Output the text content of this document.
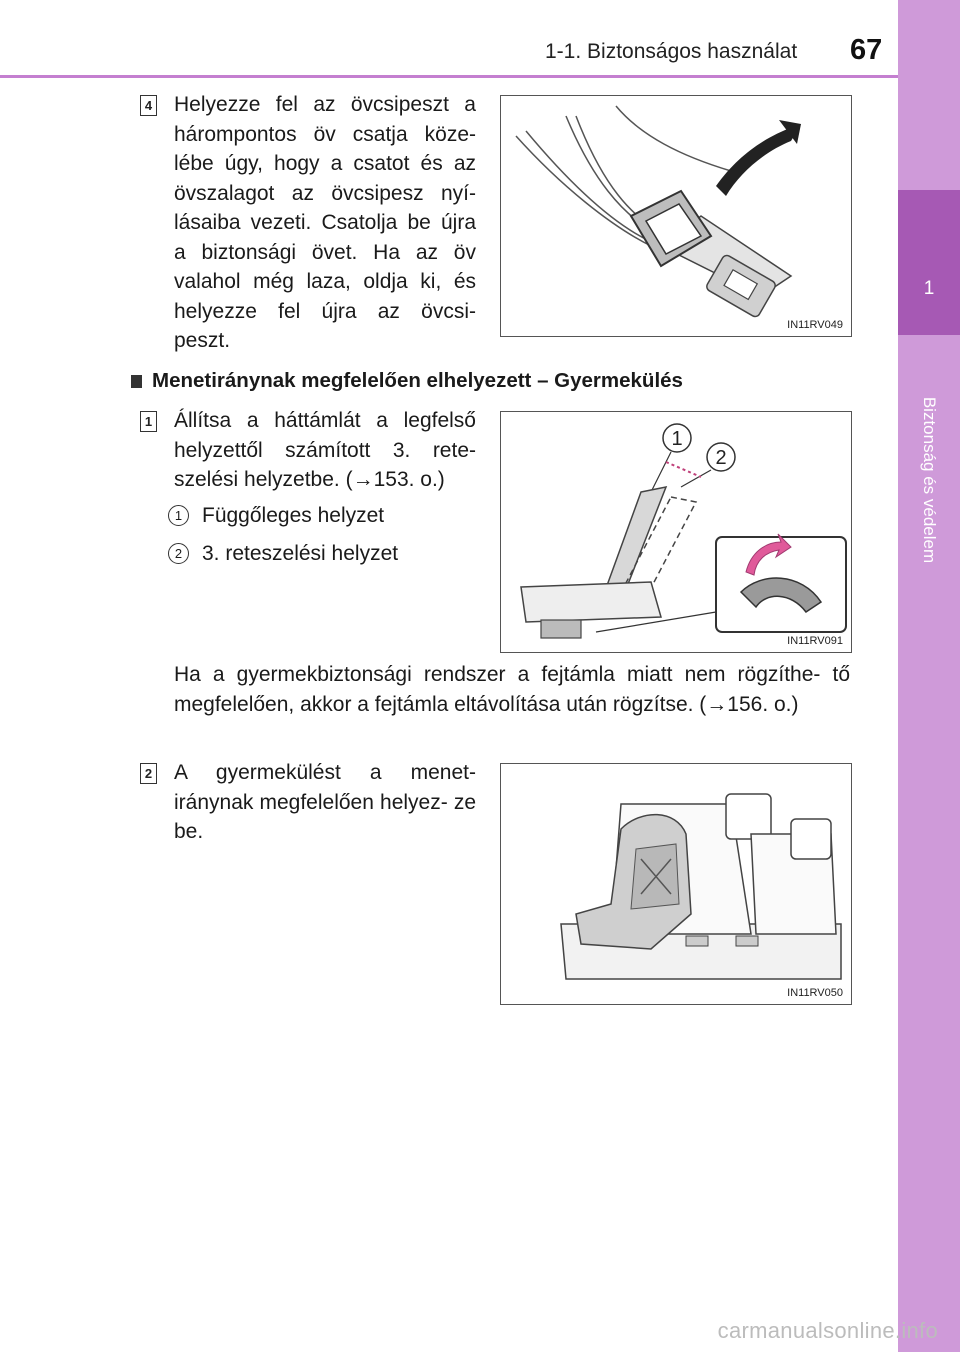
1-1. Biztonságos használat 67
1
Biztonság és védelem
4 Helyezze fel az övcsipeszt a hárompontos öv csatja köze- lébe úgy, hogy a csatot és az övszalagot az övcsipesz nyí- lásaiba vezeti. Csatolja be újra a biztonsági övet. Ha az öv valahol még laza, oldja ki, és helyezze fel újra az övcsi- peszt.
IN11RV049
Menetiránynak megfelelően elhelyezett – Gyermekülés
1 Állítsa a háttámlát a legfelső helyzettől számított 3. rete- szelési helyzetbe. (→153. o.)
1 Függőleges helyzet
2 3. reteszelési helyzet
1
2
IN11RV091
Ha a gyermekbiztonsági rendszer a fejtámla miatt nem rögzíthe- tő megfelelően, akkor a fejtámla eltávolítása után rögzítse. (→156. o.)
2 A gyermekülést a menet- iránynak megfelelően helyez- ze be.
IN11RV050
carmanualsonline.info
